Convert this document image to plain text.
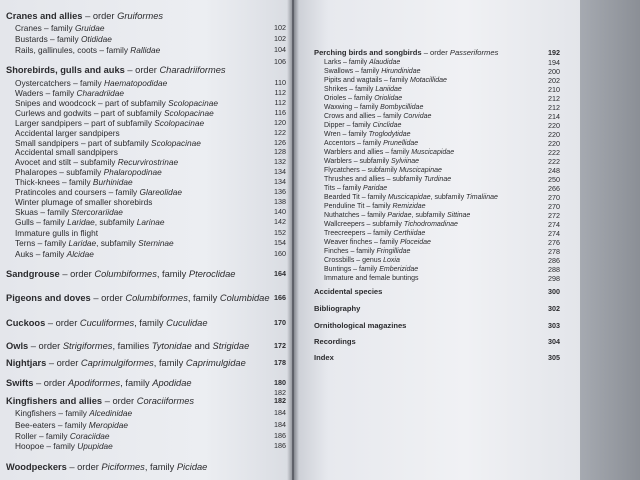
Cranes and allies – order Gruiformes
Cranes – family Gruidae	102
Bustards – family Otididae	102
Rails, gallinules, coots – family Rallidae	104
106
Shorebirds, gulls and auks – order Charadriiformes
Oystercatchers – family Haematopodidae	110
Waders – family Charadriidae	112
Snipes and woodcock – part of subfamily Scolopacinae	112
Curlews and godwits – part of subfamily Scolopacinae	116
Larger sandpipers – part of subfamily Scolopacinae	120
Accidental larger sandpipers	122
Small sandpipers – part of subfamily Scolopacinae	126
Accidental small sandpipers	128
Avocet and stilt – subfamily Recurvirostrinae	132
Phalaropes – subfamily Phalaropodinae	134
Thick-knees – family Burhinidae	134
Pratincoles and coursers – family Glareolidae	136
Winter plumage of smaller shorebirds	138
Skuas – family Stercorariidae	140
Gulls – family Laridae, subfamily Larinae	142
Immature gulls in flight	152
Terns – family Laridae, subfamily Sterninae	154
Auks – family Alcidae	160
Sandgrouse – order Columbiformes, family Pteroclidae	164
Pigeons and doves – order Columbiformes, family Columbidae 166
Cuckoos – order Cuculiformes, family Cuculidae	170
Owls – order Strigiformes, families Tytonidae and Strigidae	172
Nightjars – order Caprimulgiformes, family Caprimulgidae	178
Swifts – order Apodiformes, family Apodidae	180
182
Kingfishers and allies – order Coraciiformes	182
Kingfishers – family Alcedinidae	184
Bee-eaters – family Meropidae	184
Roller – family Coraciidae	186
Hoopoe – family Upupidae	186
Woodpeckers – order Piciformes, family Picidae
Perching birds and songbirds – order Passeriformes	192
Larks – family Alaudidae	194
Swallows – family Hirundinidae	200
Pipits and wagtails – family Motacillidae	202
Shrikes – family Laniidae	210
Orioles – family Oriolidae	212
Waxwing – family Bombycillidae	212
Crows and allies – family Corvidae	214
Dipper – family Cinclidae	220
Wren – family Troglodytidae	220
Accentors – family Prunellidae	220
Warblers and allies – family Muscicapidae	222
Warblers – subfamily Sylviinae	222
Flycatchers – subfamily Muscicapinae	248
Thrushes and allies – subfamily Turdinae	250
Tits – family Paridae	266
Bearded Tit – family Muscicapidae, subfamily Timaliinae	270
Penduline Tit – family Remizidae	270
Nuthatches – family Paridae, subfamily Sittinae	272
Wallcreepers – subfamily Tichodromadinae	274
Treecreepers – family Certhiidae	274
Weaver finches – family Ploceidae	276
Finches – family Fringillidae	278
Crossbills – genus Loxia	286
Buntings – family Emberizidae	288
Immature and female buntings	298
Accidental species	300
Bibliography	302
Ornithological magazines	303
Recordings	304
Index	305
